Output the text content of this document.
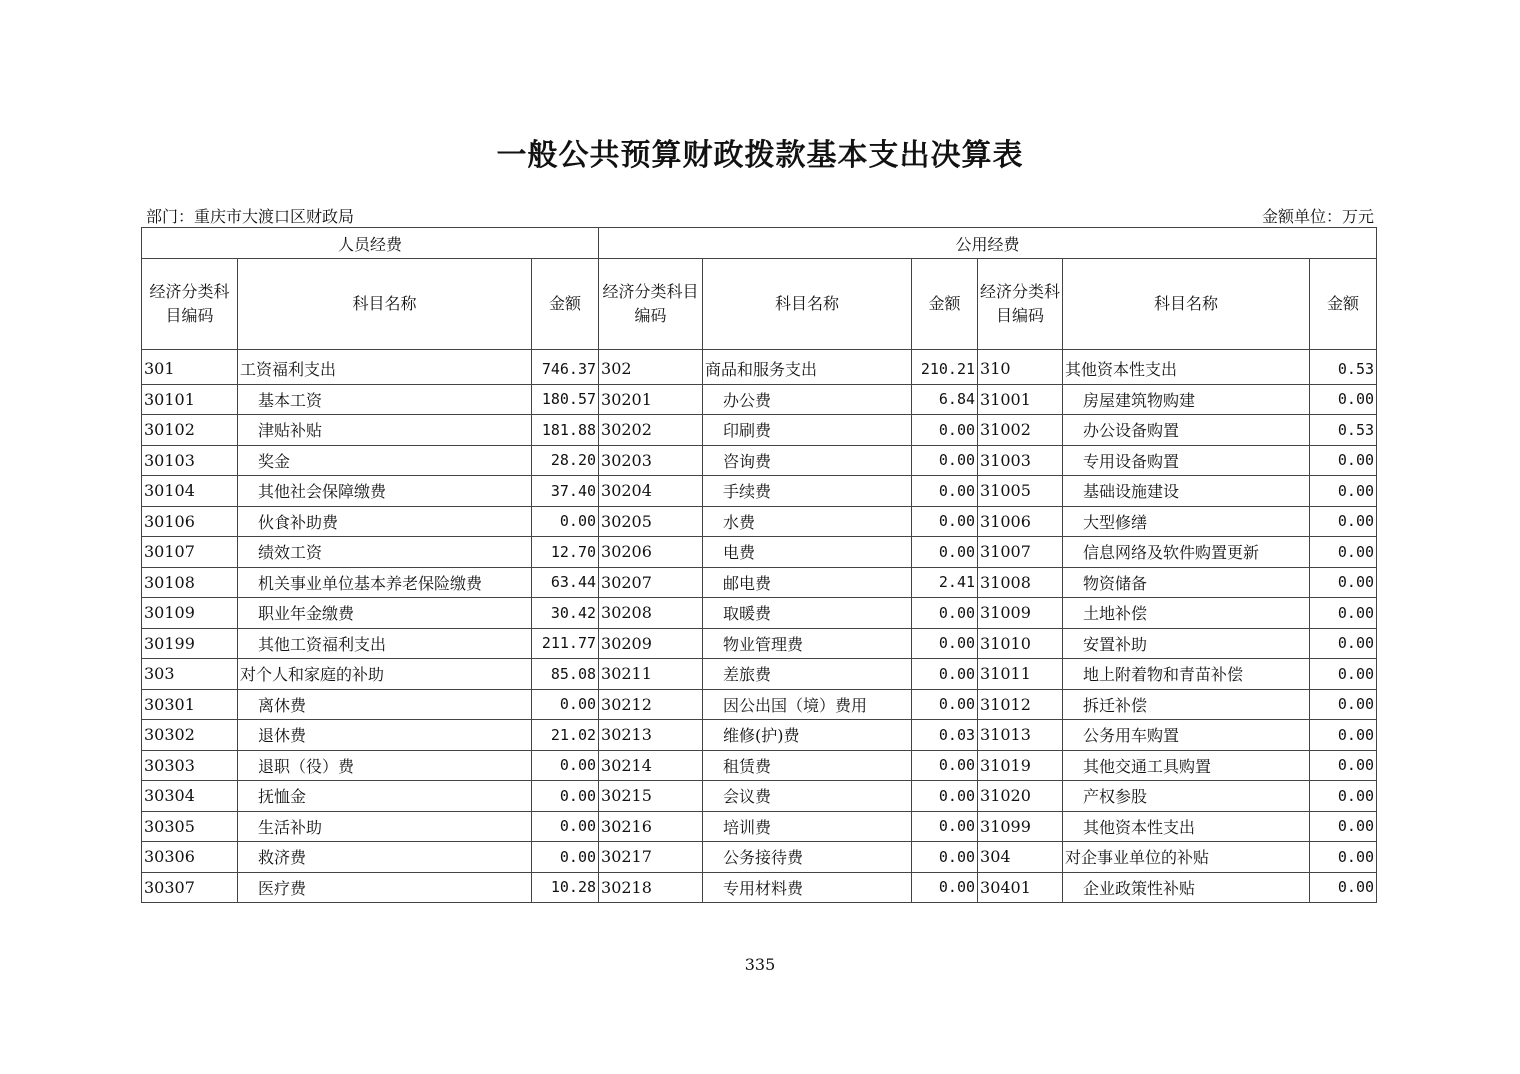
一般公共预算财政拨款基本支出决算表
部门：重庆市大渡口区财政局	金额单位：万元
人员经费			公用经费					
经济分类科目编码	科目名称	金额	经济分类科目编码	科目名称	金额	经济分类科目编码	科目名称	金额
301	工资福利支出	746.37	302	商品和服务支出	210.21	310	其他资本性支出	0.53
30101	基本工资	180.57	30201	办公费	6.84	31001	房屋建筑物购建	0.00
30102	津贴补贴	181.88	30202	印刷费	0.00	31002	办公设备购置	0.53
30103	奖金	28.20	30203	咨询费	0.00	31003	专用设备购置	0.00
30104	其他社会保障缴费	37.40	30204	手续费	0.00	31005	基础设施建设	0.00
30106	伙食补助费	0.00	30205	水费	0.00	31006	大型修缮	0.00
30107	绩效工资	12.70	30206	电费	0.00	31007	信息网络及软件购置更新	0.00
30108	机关事业单位基本养老保险缴费	63.44	30207	邮电费	2.41	31008	物资储备	0.00
30109	职业年金缴费	30.42	30208	取暖费	0.00	31009	土地补偿	0.00
30199	其他工资福利支出	211.77	30209	物业管理费	0.00	31010	安置补助	0.00
303	对个人和家庭的补助	85.08	30211	差旅费	0.00	31011	地上附着物和青苗补偿	0.00
30301	离休费	0.00	30212	因公出国（境）费用	0.00	31012	拆迁补偿	0.00
30302	退休费	21.02	30213	维修(护)费	0.03	31013	公务用车购置	0.00
30303	退职（役）费	0.00	30214	租赁费	0.00	31019	其他交通工具购置	0.00
30304	抚恤金	0.00	30215	会议费	0.00	31020	产权参股	0.00
30305	生活补助	0.00	30216	培训费	0.00	31099	其他资本性支出	0.00
30306	救济费	0.00	30217	公务接待费	0.00	304	对企事业单位的补贴	0.00
30307	医疗费	10.28	30218	专用材料费	0.00	30401	企业政策性补贴	0.00
335
